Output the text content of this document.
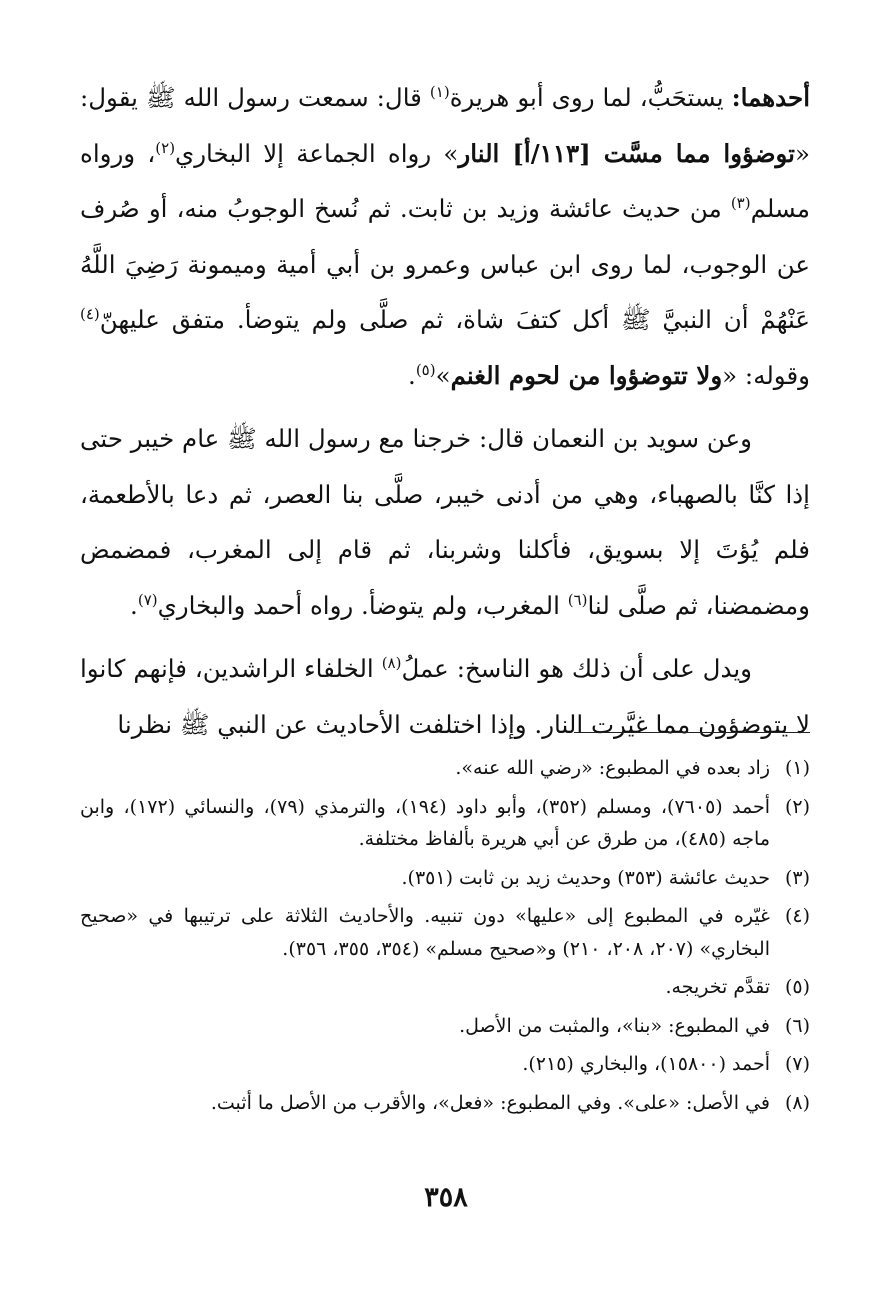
أحدهما: يستحَبُّ، لما روى أبو هريرة$^{(١)}$ قال: سمعت رسول الله ﷺ يقول: «توضؤوا مما مسَّت [١١٣/أ] النار» رواه الجماعة إلا البخاري$^{(٢)}$، ورواه مسلم$^{(٣)}$ من حديث عائشة وزيد بن ثابت. ثم نُسخ الوجوبُ منه، أو صُرف عن الوجوب، لما روى ابن عباس وعمرو بن أبي أمية وميمونة رَضِيَ اللَّهُ عَنْهُمْ أن النبيَّ ﷺ أكل كتفَ شاة، ثم صلَّى ولم يتوضأ. متفق عليهنّ$^{(٤)}$ وقوله: «ولا تتوضؤوا من لحوم الغنم»$^{(٥)}$.

وعن سويد بن النعمان قال: خرجنا مع رسول الله ﷺ عام خيبر حتى إذا كنَّا بالصهباء، وهي من أدنى خيبر، صلَّى بنا العصر، ثم دعا بالأطعمة، فلم يُؤتَ إلا بسويق، فأكلنا وشربنا، ثم قام إلى المغرب، فمضمض ومضمضنا، ثم صلَّى لنا$^{(٦)}$ المغرب، ولم يتوضأ. رواه أحمد والبخاري$^{(٧)}$.

ويدل على أن ذلك هو الناسخ: عملُ$^{(٨)}$ الخلفاء الراشدين، فإنهم كانوا لا يتوضؤون مما غيَّرت النار. وإذا اختلفت الأحاديث عن النبي ﷺ نظرنا

(١)
زاد بعده في المطبوع: «رضي الله عنه».
(٢)
أحمد (٧٦٠٥)، ومسلم (٣٥٢)، وأبو داود (١٩٤)، والترمذي (٧٩)، والنسائي (١٧٢)، وابن ماجه (٤٨٥)، من طرق عن أبي هريرة بألفاظ مختلفة.
(٣)
حديث عائشة (٣٥٣) وحديث زيد بن ثابت (٣٥١).
(٤)
غيّره في المطبوع إلى «عليها» دون تنبيه. والأحاديث الثلاثة على ترتيبها في «صحيح البخاري» (٢٠٧، ٢٠٨، ٢١٠) و«صحيح مسلم» (٣٥٤، ٣٥٥، ٣٥٦).
(٥)
تقدَّم تخريجه.
(٦)
في المطبوع: «بنا»، والمثبت من الأصل.
(٧)
أحمد (١٥٨٠٠)، والبخاري (٢١٥).
(٨)
في الأصل: «على». وفي المطبوع: «فعل»، والأقرب من الأصل ما أثبت.
٣٥٨
